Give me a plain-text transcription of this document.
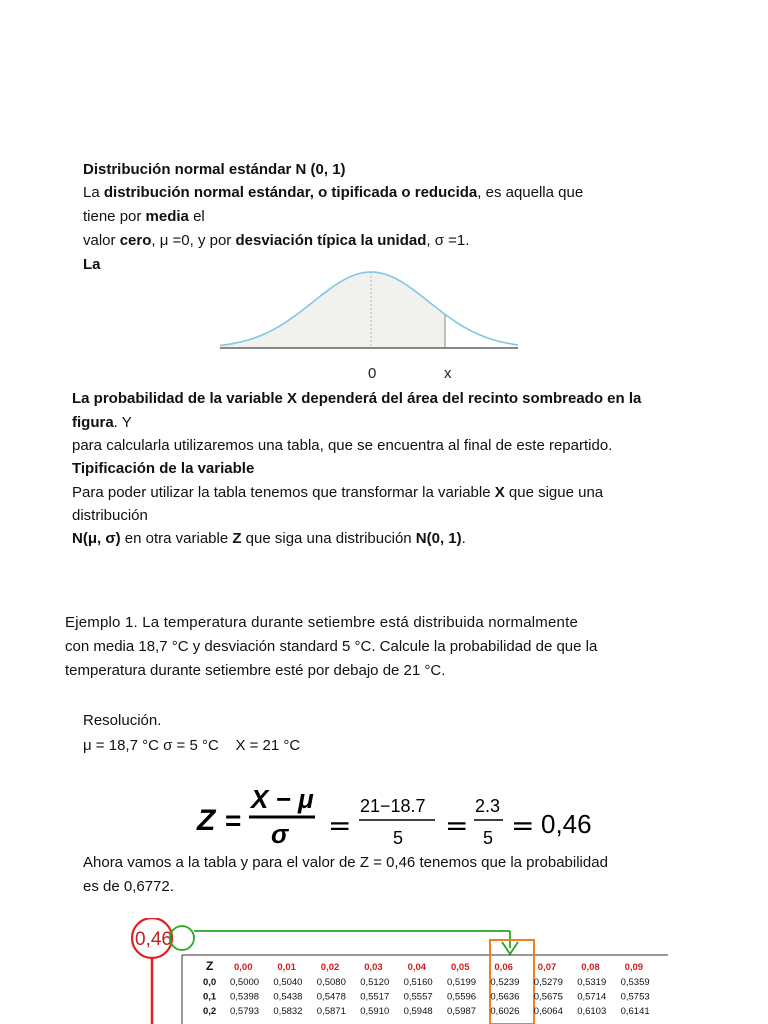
Distribución normal estándar N (0, 1)
La distribución normal estándar, o tipificada o reducida, es aquella que
tiene por media el
valor cero, μ =0, y por desviación típica la unidad, σ =1.
La
0	x
La probabilidad de la variable X dependerá del área del recinto sombreado en la
figura. Y
para calcularla utilizaremos una tabla, que se encuentra al final de este repartido.
Tipificación de la variable
Para poder utilizar la tabla tenemos que transformar la variable X que sigue una
distribución
N(μ, σ) en otra variable Z que siga una distribución N(0, 1).
Ejemplo 1. La temperatura durante setiembre está distribuida normalmente
con media 18,7 °C y desviación standard 5 °C. Calcule la probabilidad de que la
temperatura durante setiembre esté por debajo de 21 °C.
Resolución.
μ = 18,7 °C σ = 5 °C    X = 21 °C
Z =
X − μ
σ =
21−18.7
5 =
2.3
5 = 0,46
Ahora vamos a la tabla y para el valor de Z = 0,46 tenemos que la probabilidad
es de 0,6772.
0,46
Z 0,00	0,01	0,02	0,03	0,04	0,05	0,06	0,07	0,08	0,09
0,0 0,5000 0,5040 0,5080 0,5120 0,5160 0,5199 0,5239 0,5279 0,5319 0,5359
0,1 0,5398 0,5438 0,5478 0,5517 0,5557 0,5596 0,5636 0,5675 0,5714 0,5753
0,2 0,5793 0,5832 0,5871 0,5910 0,5948 0,5987 0,6026 0,6064 0,6103 0,6141
